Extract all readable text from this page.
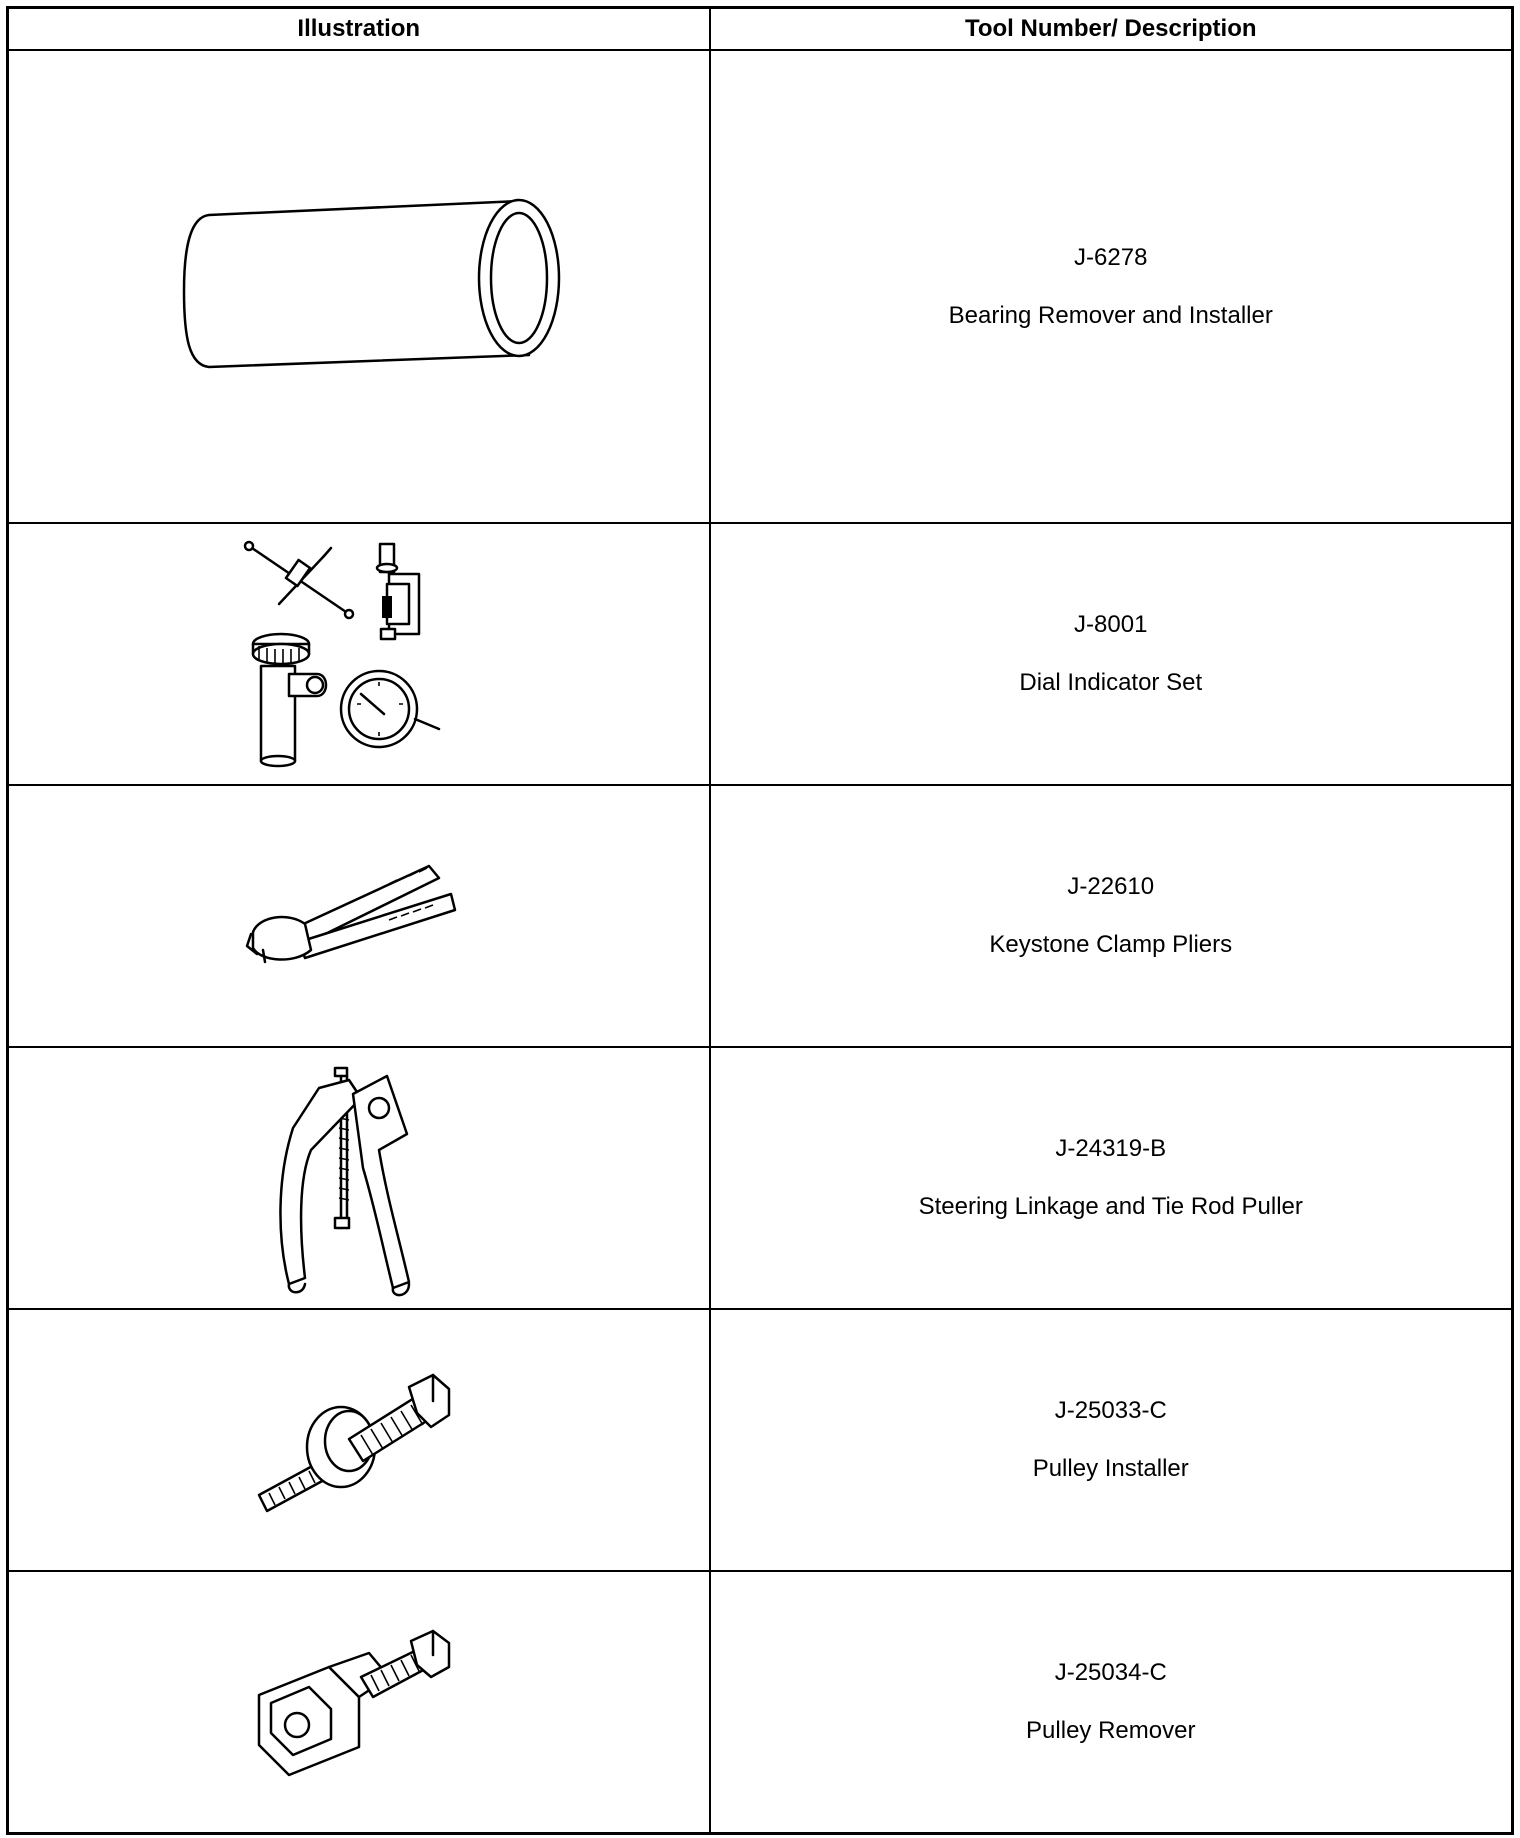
Illustration	Tool Number/ Description

J-6278
Bearing Remover and Installer

J-8001
Dial Indicator Set

J-22610
Keystone Clamp Pliers

J-24319-B
Steering Linkage and Tie Rod Puller

J-25033-C
Pulley Installer

J-25034-C
Pulley Remover
